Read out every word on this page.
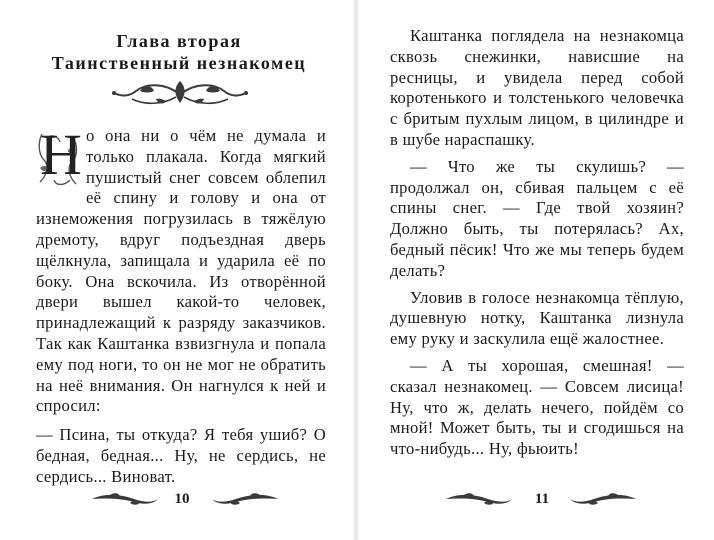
Глава вторая
Таинственный незнакомец
Н о она ни о чём не думала и только плакала. Когда мягкий пушистый снег совсем облепил её спину и голову и она от изнеможения погрузилась в тяжёлую дремоту, вдруг подъездная дверь щёлкнула, запищала и ударила её по боку. Она вскочила. Из отворённой двери вышел какой-то человек, принадлежащий к разряду заказчиков. Так как Каштанка взвизгнула и попала ему под ноги, то он не мог не обратить на неё внимания. Он нагнулся к ней и спросил:

— Псина, ты откуда? Я тебя ушиб? О бедная, бедная... Ну, не сердись, не сердись... Виноват.

10

Каштанка поглядела на незнакомца сквозь снежинки, нависшие на ресницы, и увидела перед собой коротенького и толстенького человечка с бритым пухлым лицом, в цилиндре и в шубе нараспашку.

— Что же ты скулишь? — продолжал он, сбивая пальцем с её спины снег. — Где твой хозяин? Должно быть, ты потерялась? Ах, бедный пёсик! Что же мы теперь будем делать?

Уловив в голосе незнакомца тёплую, душевную нотку, Каштанка лизнула ему руку и заскулила ещё жалостнее.

— А ты хорошая, смешная! — сказал незнакомец. — Совсем лисица! Ну, что ж, делать нечего, пойдём со мной! Может быть, ты и сгодишься на что-нибудь... Ну, фьюить!

11
